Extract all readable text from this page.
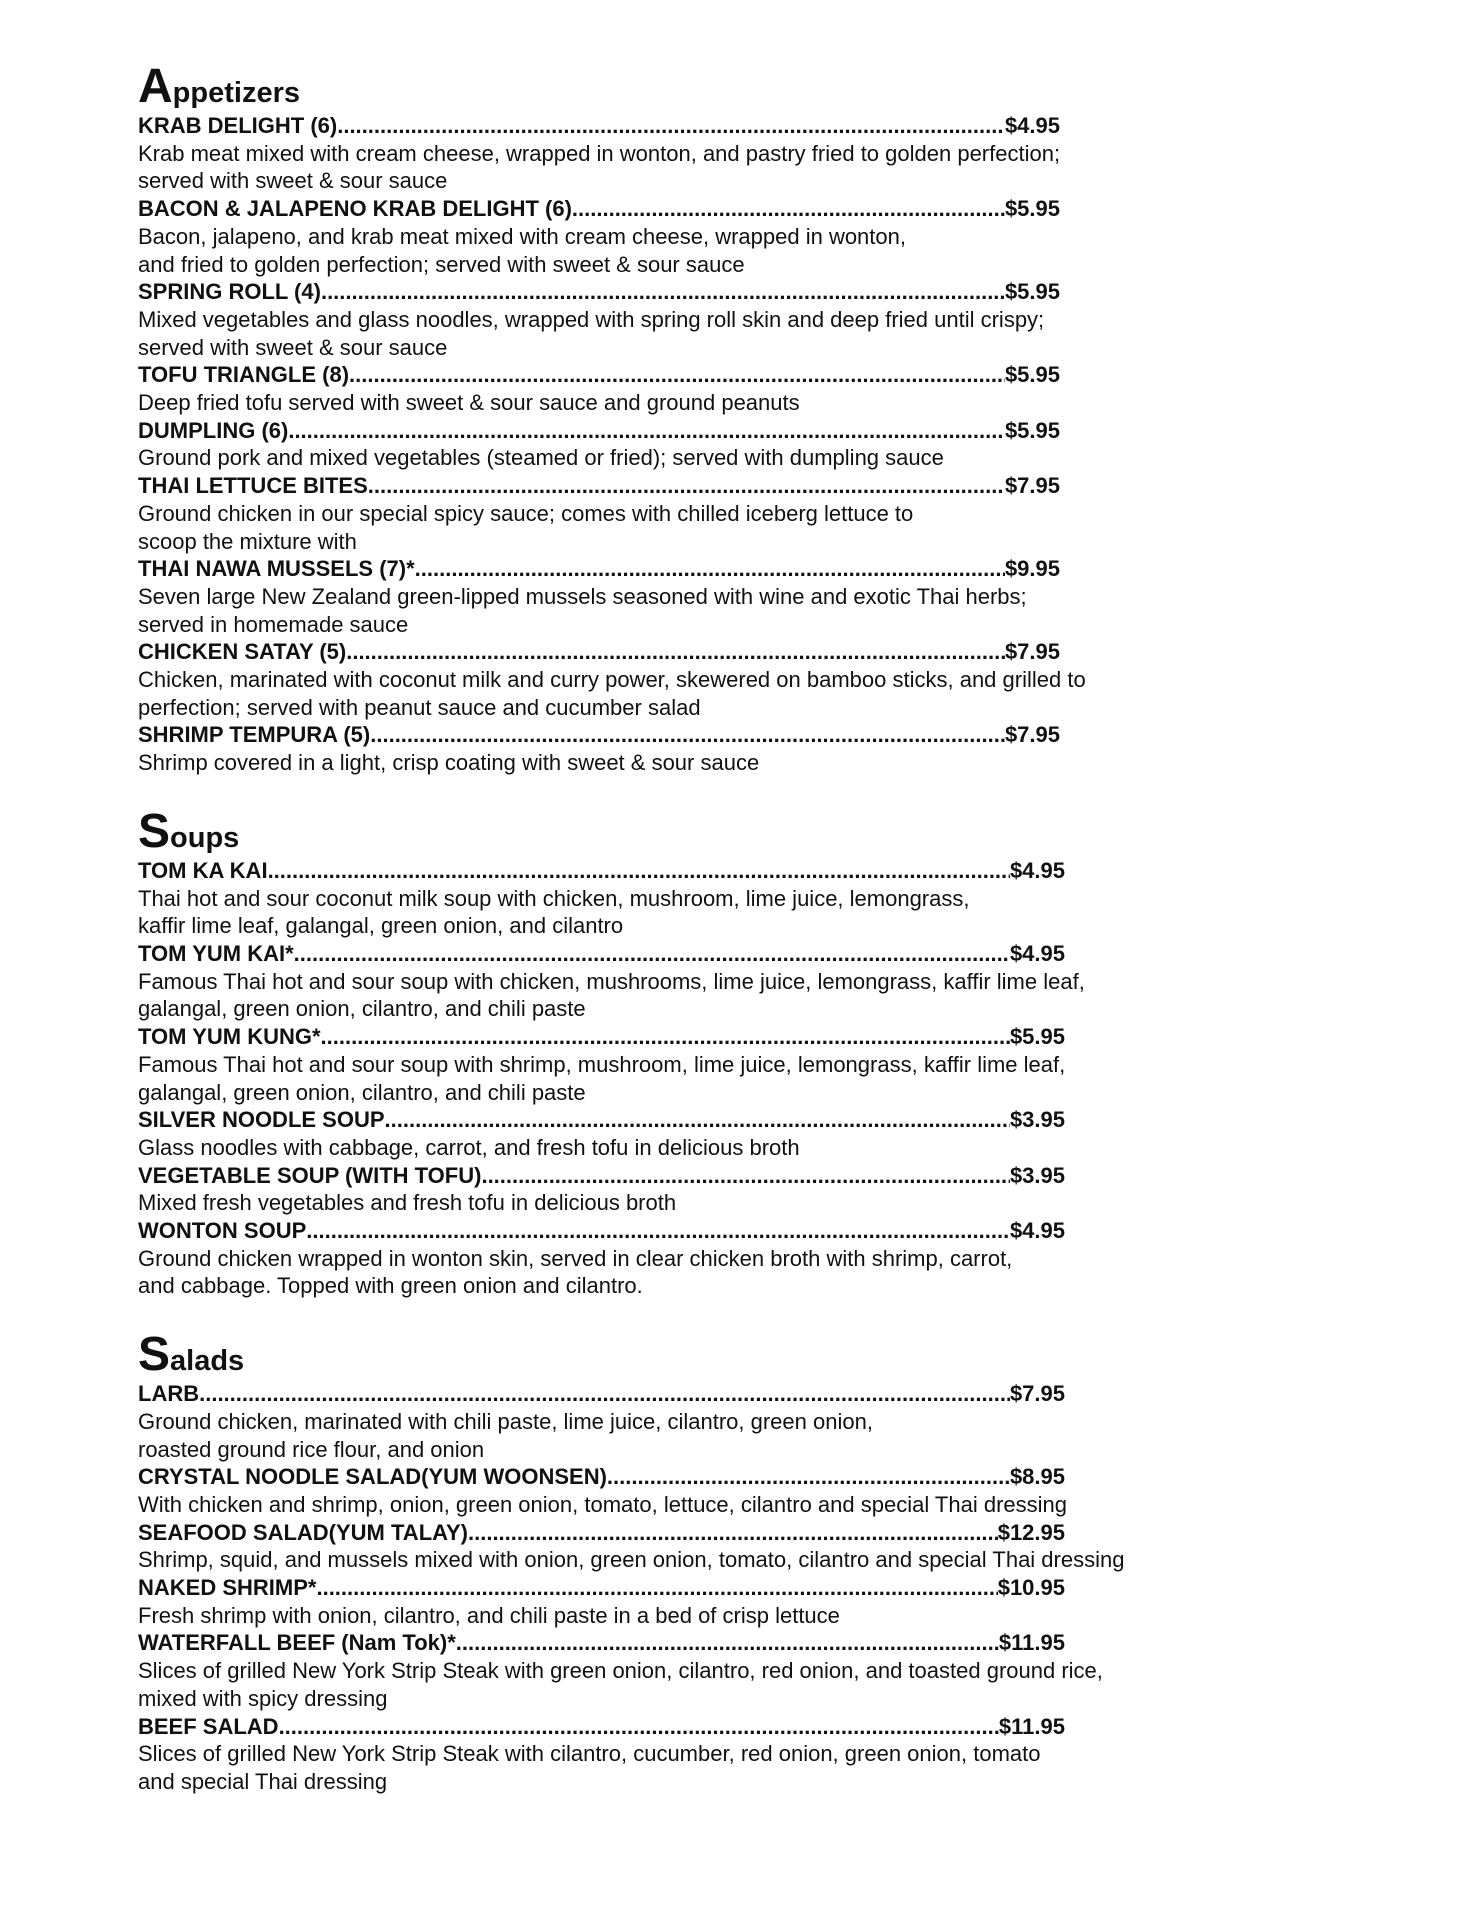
Appetizers
KRAB DELIGHT (6) .....	$4.95
Krab meat mixed with cream cheese, wrapped in wonton, and pastry fried to golden perfection;
served with sweet & sour sauce
BACON & JALAPENO KRAB DELIGHT (6) .....	$5.95
Bacon, jalapeno, and krab meat mixed with cream cheese, wrapped in wonton,
and fried to golden perfection; served with sweet & sour sauce
SPRING ROLL (4) .....	$5.95
Mixed vegetables and glass noodles, wrapped with spring roll skin and deep fried until crispy;
served with sweet & sour sauce
TOFU TRIANGLE (8) .....	$5.95
Deep fried tofu served with sweet & sour sauce and ground peanuts
DUMPLING (6) .....	$5.95
Ground pork and mixed vegetables (steamed or fried); served with dumpling sauce
THAI LETTUCE BITES .....	$7.95
Ground chicken in our special spicy sauce; comes with chilled iceberg lettuce to
scoop the mixture with
THAI NAWA MUSSELS (7)* .....	$9.95
Seven large New Zealand green-lipped mussels seasoned with wine and exotic Thai herbs;
served in homemade sauce
CHICKEN SATAY (5) .....	$7.95
Chicken, marinated with coconut milk and curry power, skewered on bamboo sticks, and grilled to
perfection; served with peanut sauce and cucumber salad
SHRIMP TEMPURA (5) .....	$7.95
Shrimp covered in a light, crisp coating with sweet & sour sauce
Soups
TOM KA KAI .....	$4.95
Thai hot and sour coconut milk soup with chicken, mushroom, lime juice, lemongrass,
kaffir lime leaf, galangal, green onion, and cilantro
TOM YUM KAI* .....	$4.95
Famous Thai hot and sour soup with chicken, mushrooms, lime juice, lemongrass, kaffir lime leaf,
galangal, green onion, cilantro, and chili paste
TOM YUM KUNG* .....	$5.95
Famous Thai hot and sour soup with shrimp, mushroom, lime juice, lemongrass, kaffir lime leaf,
galangal, green onion, cilantro, and chili paste
SILVER NOODLE SOUP .....	$3.95
Glass noodles with cabbage, carrot, and fresh tofu in delicious broth
VEGETABLE SOUP (WITH TOFU) .....	$3.95
Mixed fresh vegetables and fresh tofu in delicious broth
WONTON SOUP .....	$4.95
Ground chicken wrapped in wonton skin, served in clear chicken broth with shrimp, carrot,
and cabbage. Topped with green onion and cilantro.
Salads
LARB .....	$7.95
Ground chicken, marinated with chili paste, lime juice, cilantro, green onion,
roasted ground rice flour, and onion
CRYSTAL NOODLE SALAD(YUM WOONSEN) .....	$8.95
With chicken and shrimp, onion, green onion, tomato, lettuce, cilantro and special Thai dressing
SEAFOOD SALAD(YUM TALAY) .....	$12.95
Shrimp, squid, and mussels mixed with onion, green onion, tomato, cilantro and special Thai dressing
NAKED SHRIMP* .....	$10.95
Fresh shrimp with onion, cilantro, and chili paste in a bed of crisp lettuce
WATERFALL BEEF (Nam Tok)* .....	$11.95
Slices of grilled New York Strip Steak with green onion, cilantro, red onion, and toasted ground rice,
mixed with spicy dressing
BEEF SALAD .....	$11.95
Slices of grilled New York Strip Steak with cilantro, cucumber, red onion, green onion, tomato
and special Thai dressing
